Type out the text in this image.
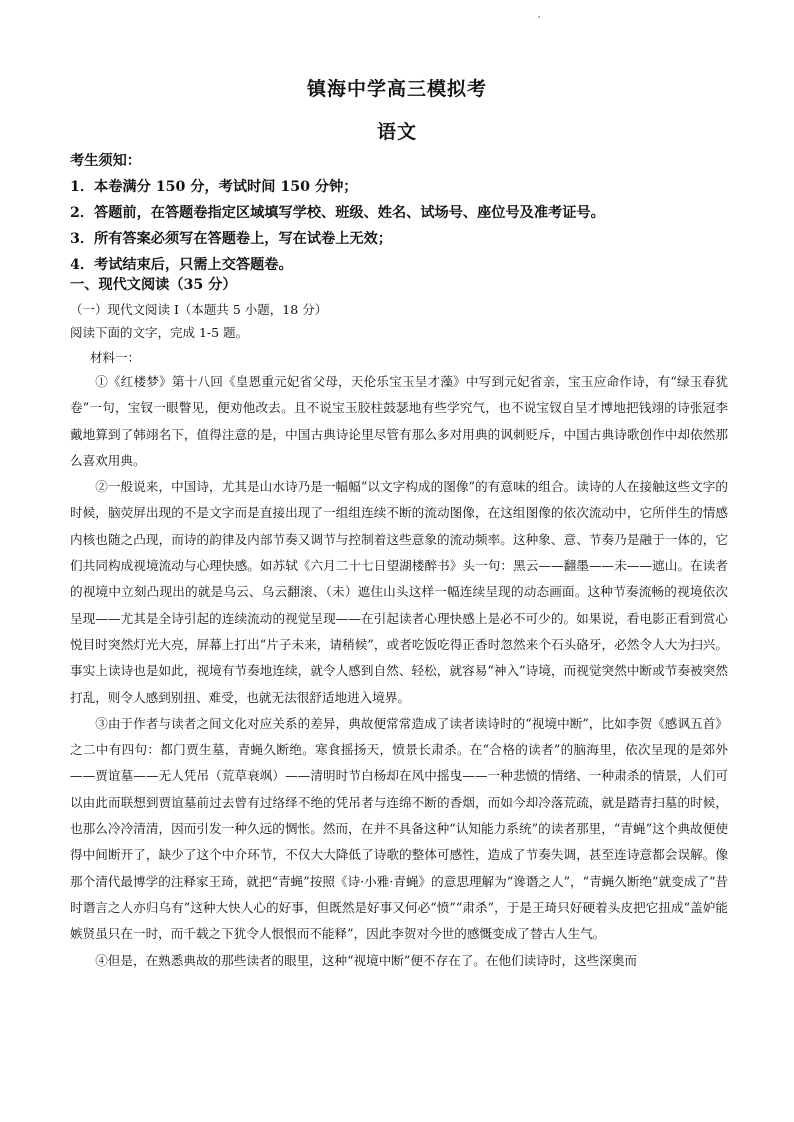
镇海中学高三模拟考
语文
考生须知：
1．本卷满分 150 分，考试时间 150 分钟；
2．答题前，在答题卷指定区域填写学校、班级、姓名、试场号、座位号及准考证号。
3．所有答案必须写在答题卷上，写在试卷上无效；
4．考试结束后，只需上交答题卷。
一、现代文阅读（35 分）
（一）现代文阅读 I（本题共 5 小题，18 分）
阅读下面的文字，完成 1-5 题。
材料一：

①《红楼梦》第十八回《皇恩重元妃省父母，天伦乐宝玉呈才藻》中写到元妃省亲，宝玉应命作诗，有“绿玉春犹卷”一句，宝钗一眼瞥见，便劝他改去。且不说宝玉胶柱鼓瑟地有些学究气，也不说宝钗自呈才博地把钱翊的诗张冠李戴地算到了韩翊名下，值得注意的是，中国古典诗论里尽管有那么多对用典的讽刺贬斥，中国古典诗歌创作中却依然那么喜欢用典。

②一般说来，中国诗，尤其是山水诗乃是一幅幅“以文字构成的图像”的有意味的组合。读诗的人在接触这些文字的时候，脑荧屏出现的不是文字而是直接出现了一组组连续不断的流动图像，在这组图像的依次流动中，它所伴生的情感内核也随之凸现，而诗的韵律及内部节奏又调节与控制着这些意象的流动频率。这种象、意、节奏乃是融于一体的，它们共同构成视境流动与心理快感。如苏轼《六月二十七日望湖楼醉书》头一句：黑云——翻墨——未——遮山。在读者的视境中立刻凸现出的就是乌云、乌云翻滚、（未）遮住山头这样一幅连续呈现的动态画面。这种节奏流畅的视境依次呈现——尤其是全诗引起的连续流动的视觉呈现——在引起读者心理快感上是必不可少的。如果说，看电影正看到赏心悦目时突然灯光大亮，屏幕上打出“片子未来，请稍候”，或者吃饭吃得正香时忽然来个石头硌牙，必然令人大为扫兴。事实上读诗也是如此，视境有节奏地连续，就令人感到自然、轻松，就容易“神入”诗境，而视觉突然中断或节奏被突然打乱，则令人感到别扭、难受，也就无法很舒适地进入境界。

③由于作者与读者之间文化对应关系的差异，典故便常常造成了读者读诗时的“视境中断”，比如李贺《感讽五首》之二中有四句：都门贾生墓，青蝇久断绝。寒食摇扬天，愤景长肃杀。在“合格的读者”的脑海里，依次呈现的是郊外——贾谊墓——无人凭吊（荒草衰飒）——清明时节白杨却在风中摇曳——一种悲愤的情绪、一种肃杀的情景，人们可以由此而联想到贾谊墓前过去曾有过络绎不绝的凭吊者与连绵不断的香烟，而如今却冷落荒疏，就是踏青扫墓的时候，也那么冷冷清清，因而引发一种久远的惆怅。然而，在并不具备这种“认知能力系统”的读者那里，“青蝇”这个典故便使得中间断开了，缺少了这个中介环节，不仅大大降低了诗歌的整体可感性，造成了节奏失调，甚至连诗意都会误解。像那个清代最博学的注释家王琦，就把“青蝇”按照《诗·小雅·青蝇》的意思理解为“谗谮之人”，“青蝇久断绝”就变成了“昔时谮言之人亦归乌有”这种大快人心的好事，但既然是好事又何必“愤”“肃杀”，于是王琦只好硬着头皮把它扭成“盖妒能嫉贤虽只在一时，而千载之下犹令人恨恨而不能释”，因此李贺对今世的感慨变成了替古人生气。

④但是，在熟悉典故的那些读者的眼里，这种“视境中断”便不存在了。在他们读诗时，这些深奥而
